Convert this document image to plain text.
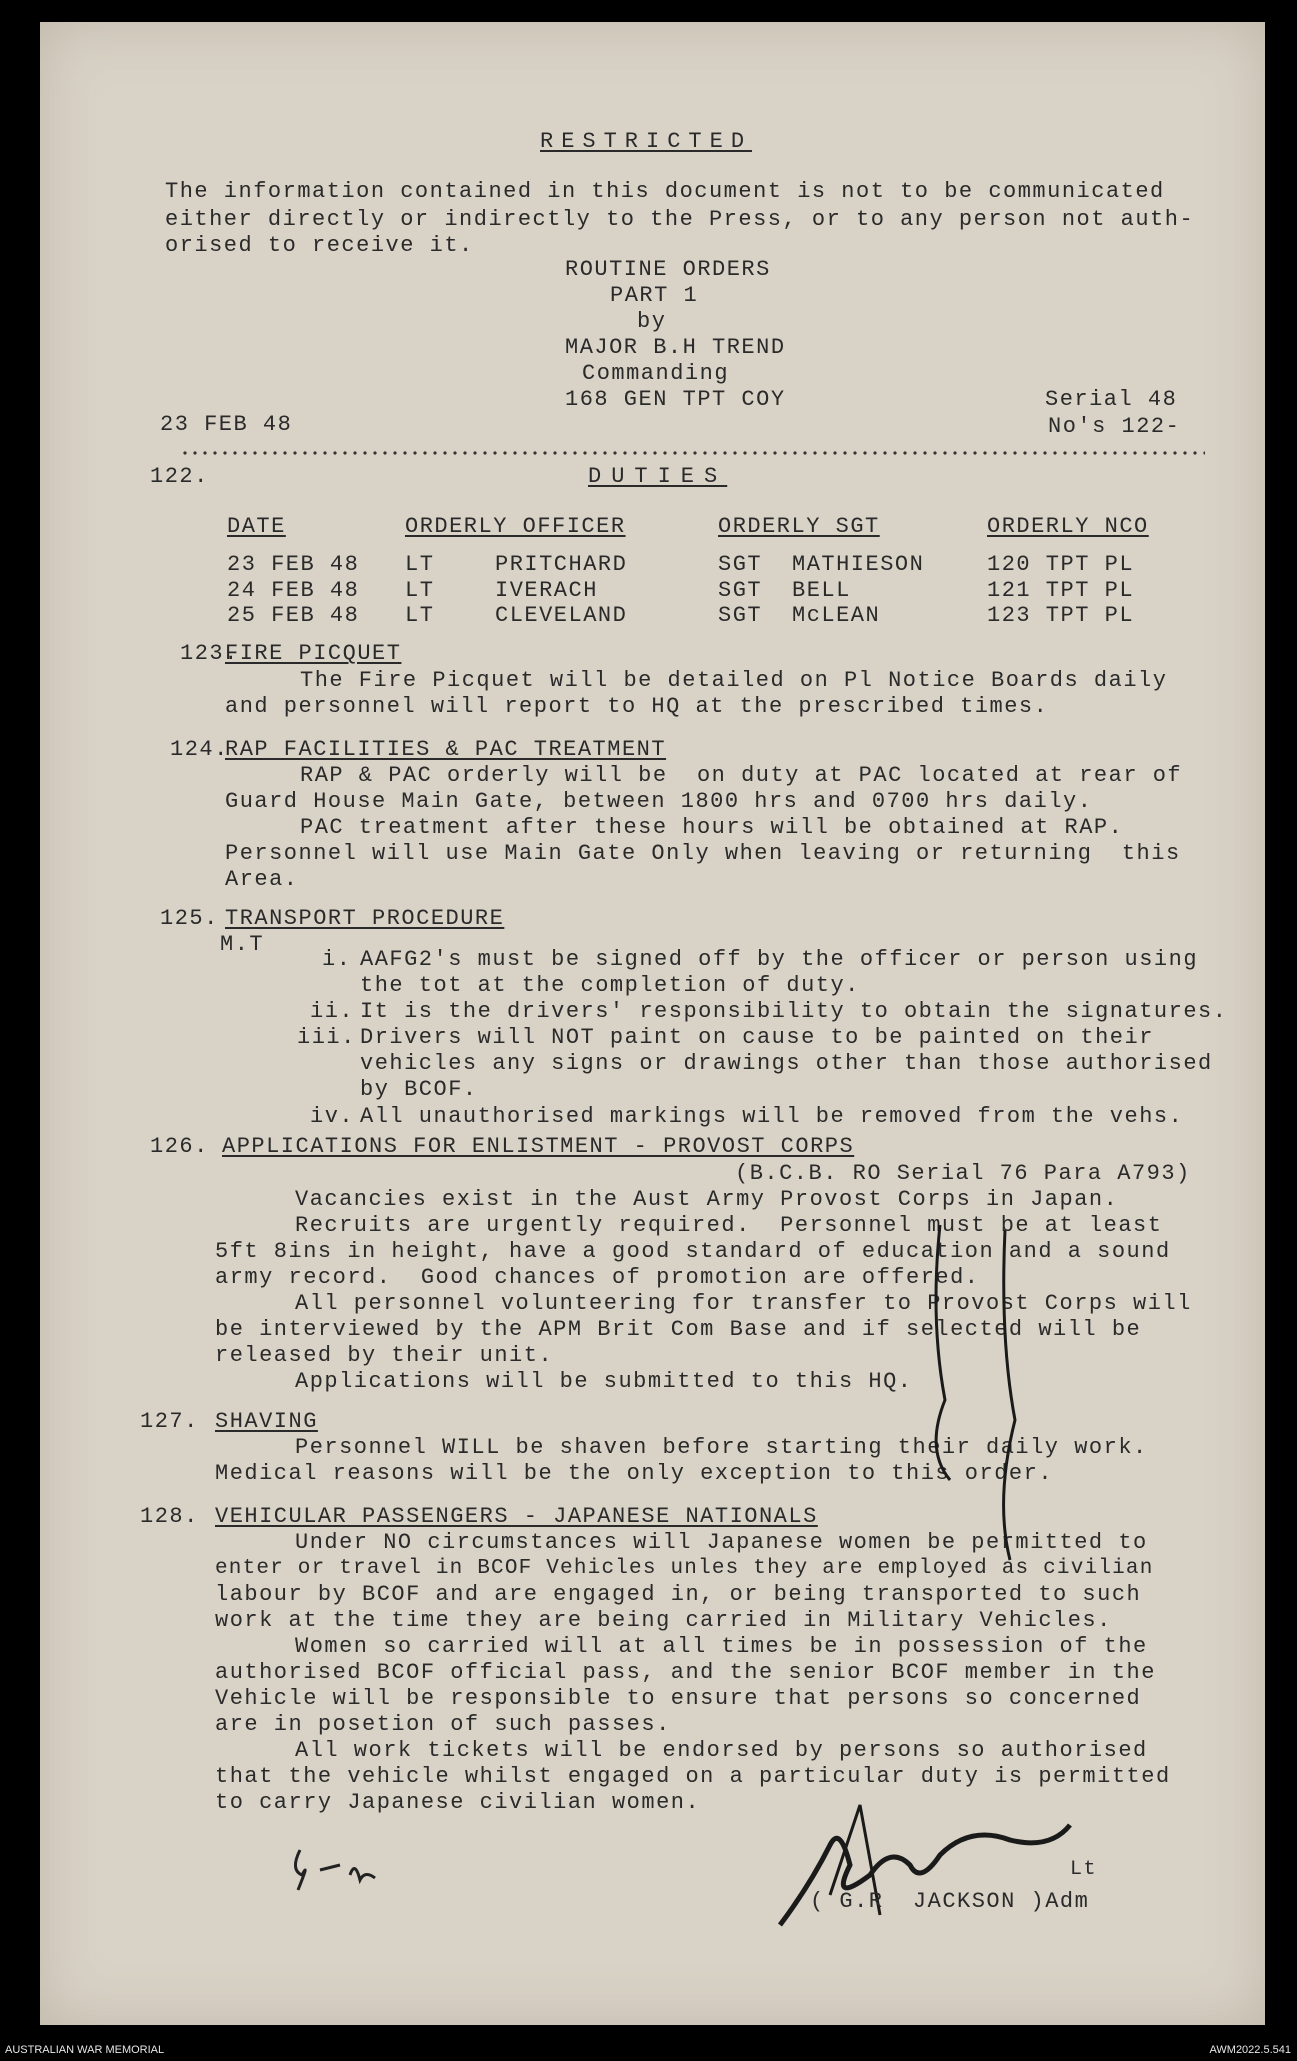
RESTRICTED
The information contained in this document is not to be communicated
either directly or indirectly to the Press, or to any person not auth-
orised to receive it.
ROUTINE ORDERS
PART 1
by
MAJOR B.H TREND
Commanding
168 GEN TPT COY
23 FEB 48
Serial 48
No's 122-
122.	DUTIES
DATE	ORDERLY OFFICER	ORDERLY SGT	ORDERLY NCO
23 FEB 48 LT	PRITCHARD	SGT MATHIESON	120 TPT PL
24 FEB 48 LT	IVERACH	SGT BELL	121 TPT PL
25 FEB 48 LT	CLEVELAND	SGT McLEAN	123 TPT PL
123.
FIRE PICQUET
The Fire Picquet will be detailed on Pl Notice Boards daily
and personnel will report to HQ at the prescribed times.
124.
RAP FACILITIES & PAC TREATMENT
RAP & PAC orderly will be  on duty at PAC located at rear of
Guard House Main Gate, between 1800 hrs and 0700 hrs daily.
PAC treatment after these hours will be obtained at RAP.
Personnel will use Main Gate Only when leaving or returning  this
Area.
125. TRANSPORT PROCEDURE
M.T
i. AAFG2's must be signed off by the officer or person using
the tot at the completion of duty.
ii. It is the drivers' responsibility to obtain the signatures.
iii. Drivers will NOT paint on cause to be painted on their
vehicles any signs or drawings other than those authorised
by BCOF.
iv. All unauthorised markings will be removed from the vehs.
126. APPLICATIONS FOR ENLISTMENT - PROVOST CORPS
(B.C.B. RO Serial 76 Para A793)
Vacancies exist in the Aust Army Provost Corps in Japan.
Recruits are urgently required.  Personnel must be at least
5ft 8ins in height, have a good standard of education and a sound
army record.  Good chances of promotion are offered.
All personnel volunteering for transfer to Provost Corps will
be interviewed by the APM Brit Com Base and if selected will be
released by their unit.
Applications will be submitted to this HQ.
127. SHAVING
Personnel WILL be shaven before starting their daily work.
Medical reasons will be the only exception to this order.
128. VEHICULAR PASSENGERS - JAPANESE NATIONALS
Under NO circumstances will Japanese women be permitted to
enter or travel in BCOF Vehicles unles they are employed as civilian
labour by BCOF and are engaged in, or being transported to such
work at the time they are being carried in Military Vehicles.
Women so carried will at all times be in possession of the
authorised BCOF official pass, and the senior BCOF member in the
Vehicle will be responsible to ensure that persons so concerned
are in posetion of such passes.
All work tickets will be endorsed by persons so authorised
that the vehicle whilst engaged on a particular duty is permitted
to carry Japanese civilian women.
Lt
( G.R  JACKSON )Adm
AUSTRALIAN WAR MEMORIAL	AWM2022.5.541
